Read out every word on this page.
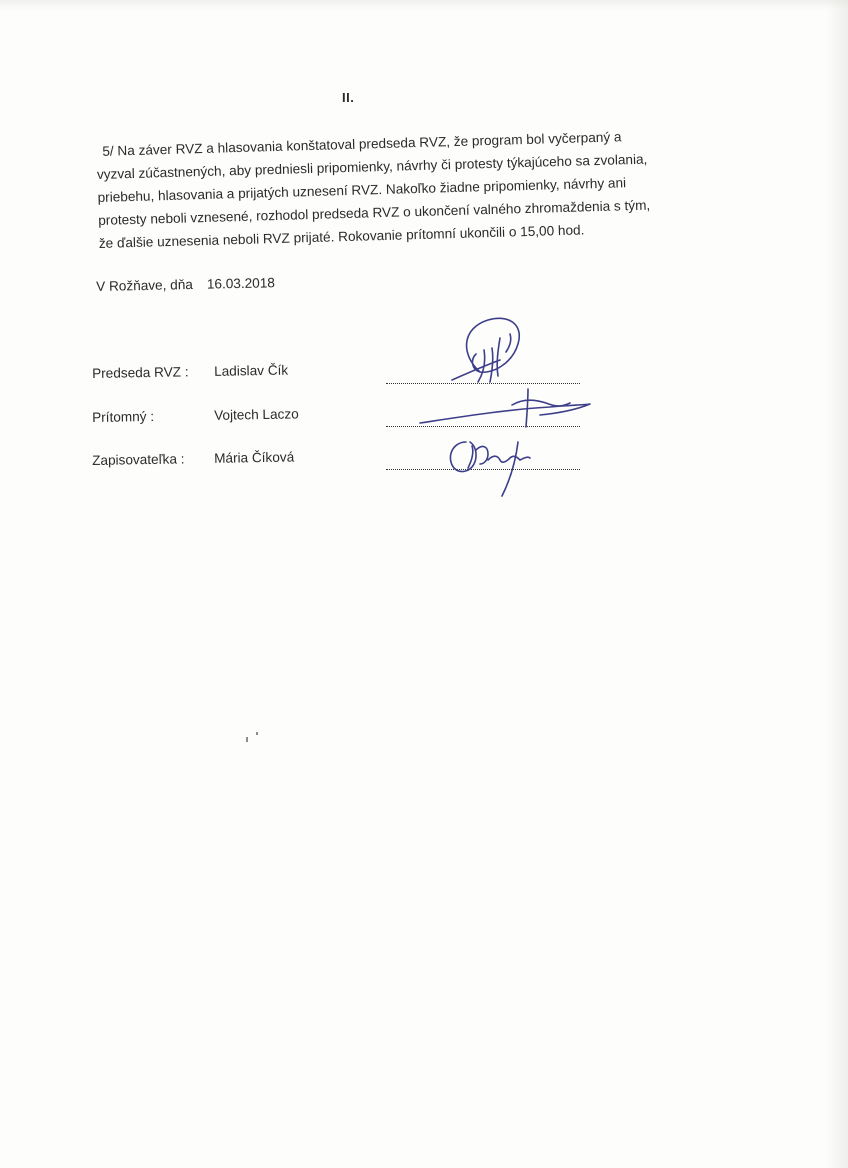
II.
5/ Na záver RVZ a hlasovania konštatoval predseda RVZ, že program bol vyčerpaný a
vyzval zúčastnených, aby predniesli pripomienky, návrhy či protesty týkajúceho sa zvolania,
priebehu, hlasovania a prijatých uznesení RVZ. Nakoľko žiadne pripomienky, návrhy ani
protesty neboli vznesené, rozhodol predseda RVZ o ukončení valného zhromaždenia s tým,
že ďalšie uznesenia neboli RVZ prijaté. Rokovanie prítomní ukončili o 15,00 hod.
V Rožňave, dňa 16.03.2018
Predseda RVZ : Ladislav Čík
Prítomný :	Vojtech Laczo
Zapisovateľka : Mária Číková
